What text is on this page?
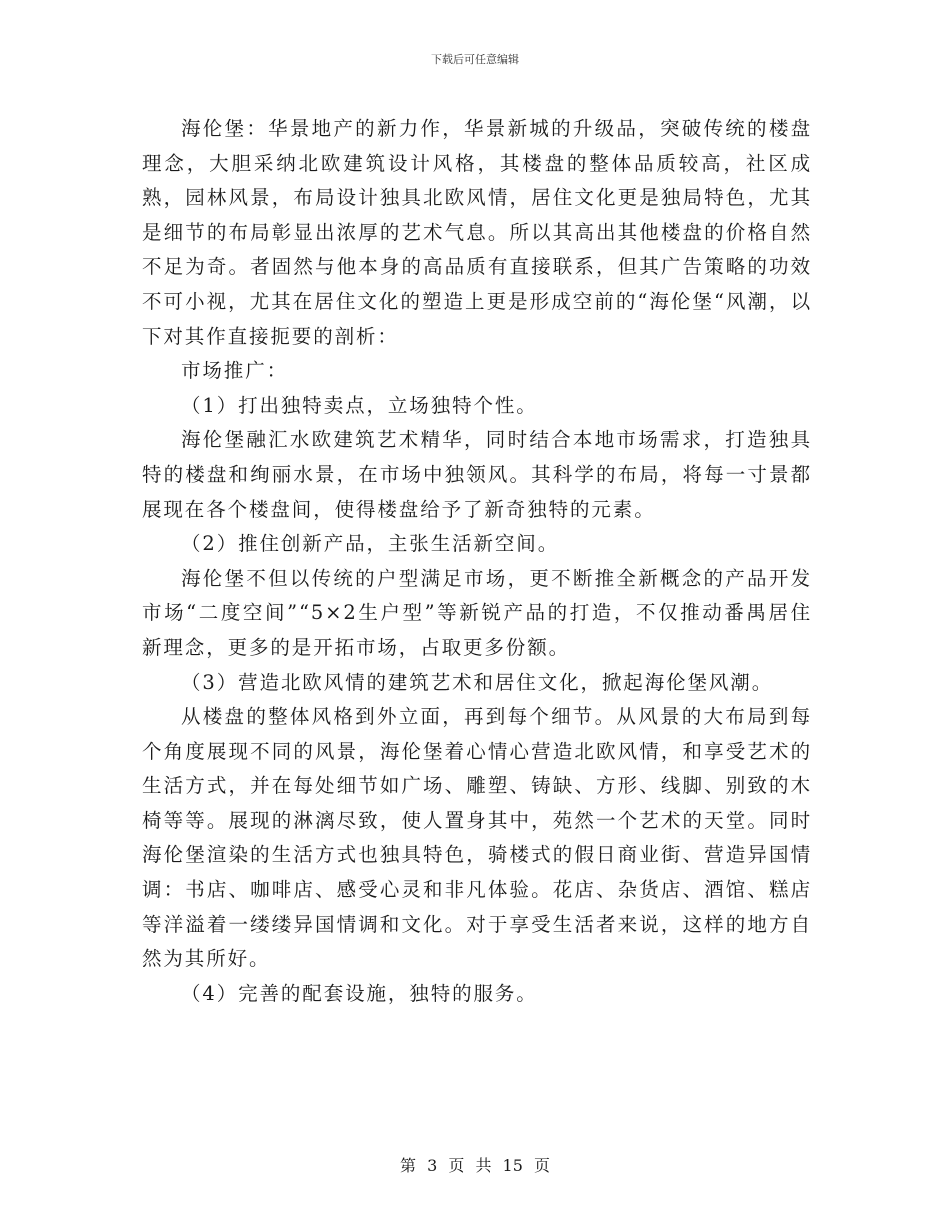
下载后可任意编辑

海伦堡：华景地产的新力作，华景新城的升级品，突破传统的楼盘理念，大胆采纳北欧建筑设计风格，其楼盘的整体品质较高，社区成熟，园林风景，布局设计独具北欧风情，居住文化更是独局特色，尤其是细节的布局彰显出浓厚的艺术气息。所以其高出其他楼盘的价格自然不足为奇。者固然与他本身的高品质有直接联系，但其广告策略的功效不可小视，尤其在居住文化的塑造上更是形成空前的“海伦堡“风潮，以下对其作直接扼要的剖析：

市场推广：

（1）打出独特卖点，立场独特个性。

海伦堡融汇水欧建筑艺术精华，同时结合本地市场需求，打造独具特的楼盘和绚丽水景，在市场中独领风。其科学的布局，将每一寸景都展现在各个楼盘间，使得楼盘给予了新奇独特的元素。

（2）推住创新产品，主张生活新空间。

海伦堡不但以传统的户型满足市场，更不断推全新概念的产品开发市场“二度空间”“5×2生户型”等新锐产品的打造，不仅推动番禺居住新理念，更多的是开拓市场，占取更多份额。

（3）营造北欧风情的建筑艺术和居住文化，掀起海伦堡风潮。

从楼盘的整体风格到外立面，再到每个细节。从风景的大布局到每个角度展现不同的风景，海伦堡着心情心营造北欧风情，和享受艺术的生活方式，并在每处细节如广场、雕塑、铸缺、方形、线脚、别致的木椅等等。展现的淋漓尽致，使人置身其中，苑然一个艺术的天堂。同时海伦堡渲染的生活方式也独具特色，骑楼式的假日商业街、营造异国情调：书店、咖啡店、感受心灵和非凡体验。花店、杂货店、酒馆、糕店等洋溢着一缕缕异国情调和文化。对于享受生活者来说，这样的地方自然为其所好。

（4）完善的配套设施，独特的服务。

第 3 页 共 15 页
